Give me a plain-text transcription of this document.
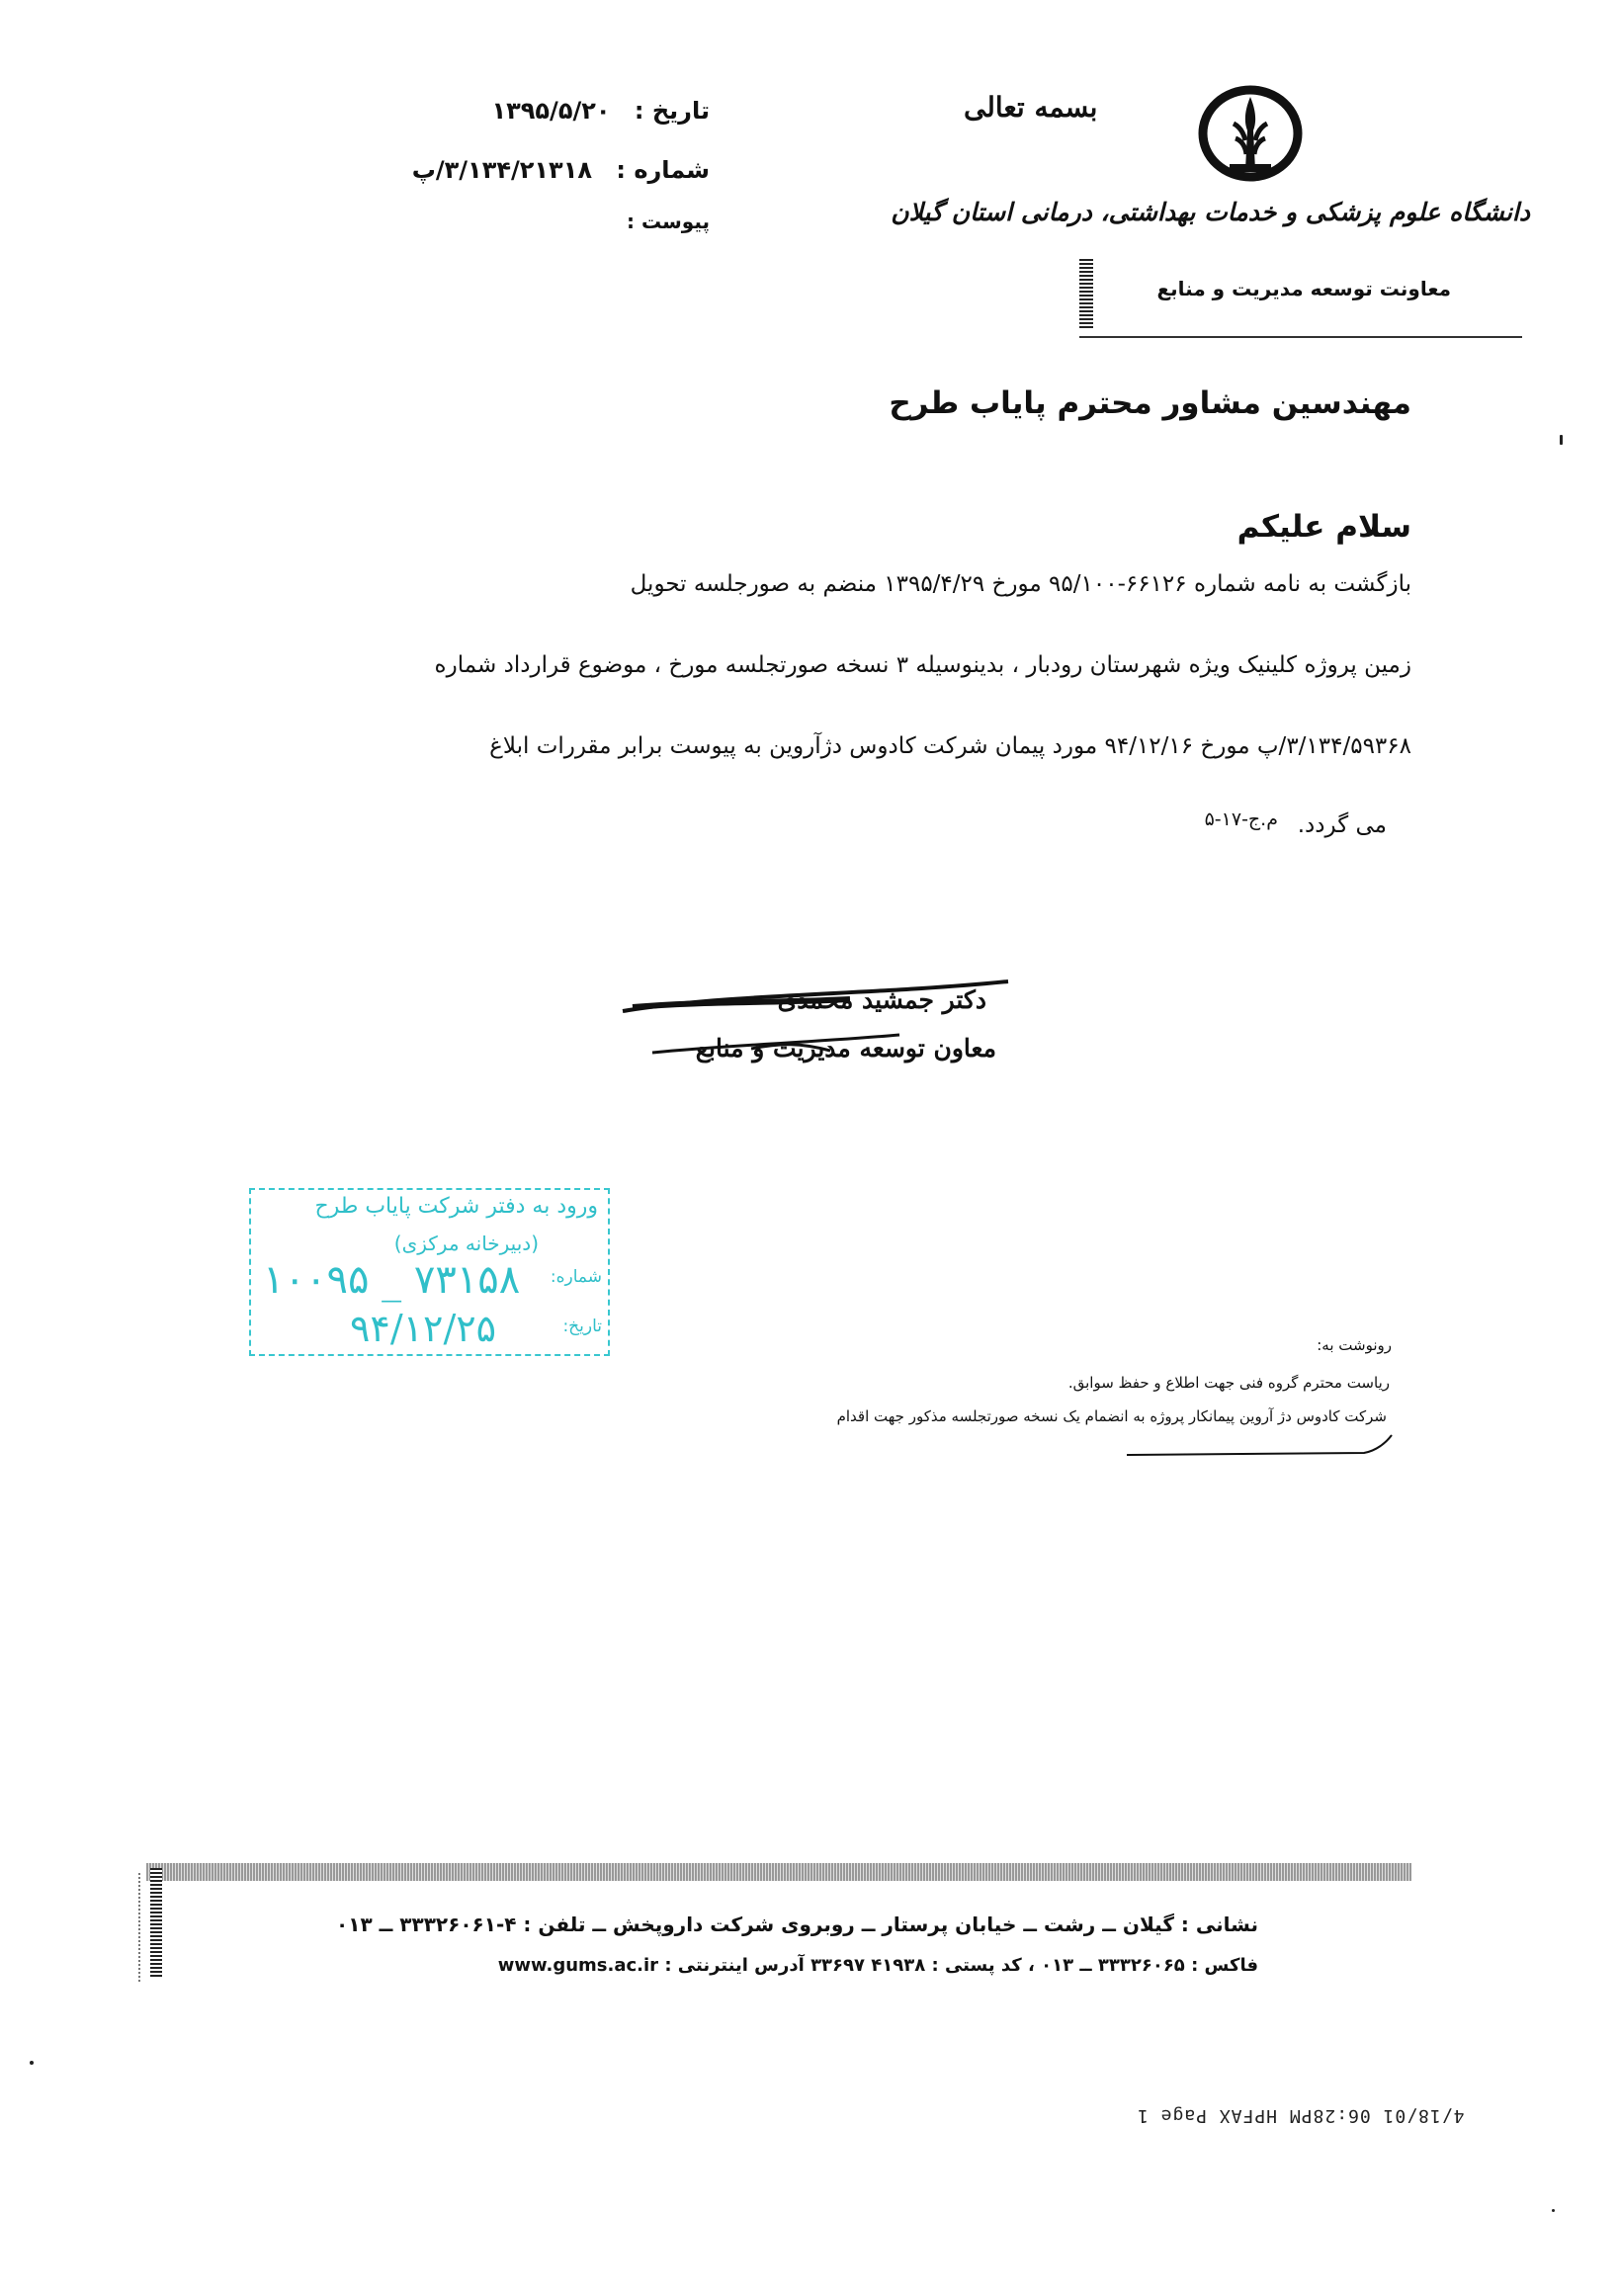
تاریخ : ۱۳۹۵/۵/۲۰
شماره : ۳/۱۳۴/۲۱۳۱۸/پ
پیوست :
بسمه تعالی
دانشگاه علوم پزشکی و خدمات بهداشتی، درمانی استان گیلان
معاونت توسعه مدیریت و منابع
مهندسین مشاور محترم پایاب طرح
سلام علیکم
بازگشت به نامه شماره ۶۶۱۲۶-۹۵/۱۰۰ مورخ ۱۳۹۵/۴/۲۹ منضم به صورجلسه تحویل
زمین پروژه کلینیک ویژه شهرستان رودبار ، بدینوسیله ۳ نسخه صورتجلسه مورخ ، موضوع قرارداد شماره
۳/۱۳۴/۵۹۳۶۸/پ مورخ ۹۴/۱۲/۱۶ مورد پیمان شرکت کادوس دژآروین به پیوست برابر مقررات ابلاغ
می گردد.
م.ج-۱۷-۵
دکتر جمشید محمدی
معاون توسعه مدیریت و منابع
ورود به دفتر شرکت پایاب طرح
(دبیرخانه مرکزی)
شماره:
۱۰۰۹۵ _ ۷۳۱۵۸
تاریخ:
۹۴/۱۲/۲۵	رونوشت به:
ریاست محترم گروه فنی جهت اطلاع و حفظ سوابق.
شرکت کادوس دژ آروین پیمانکار پروژه به انضمام یک نسخه صورتجلسه مذکور جهت اقدام
نشانی : گیلان ــ رشت ــ خیابان پرستار ــ روبروی شرکت داروپخش ــ تلفن : ۴-۳۳۳۲۶۰۶۱ ــ ۰۱۳
فاکس : ۳۳۳۲۶۰۶۵ ــ ۰۱۳ ، کد پستی : ۴۱۹۳۸ ۳۳۶۹۷ آدرس اینترنتی : www.gums.ac.ir
4/18/01 06:28PM HPFAX Page 1
